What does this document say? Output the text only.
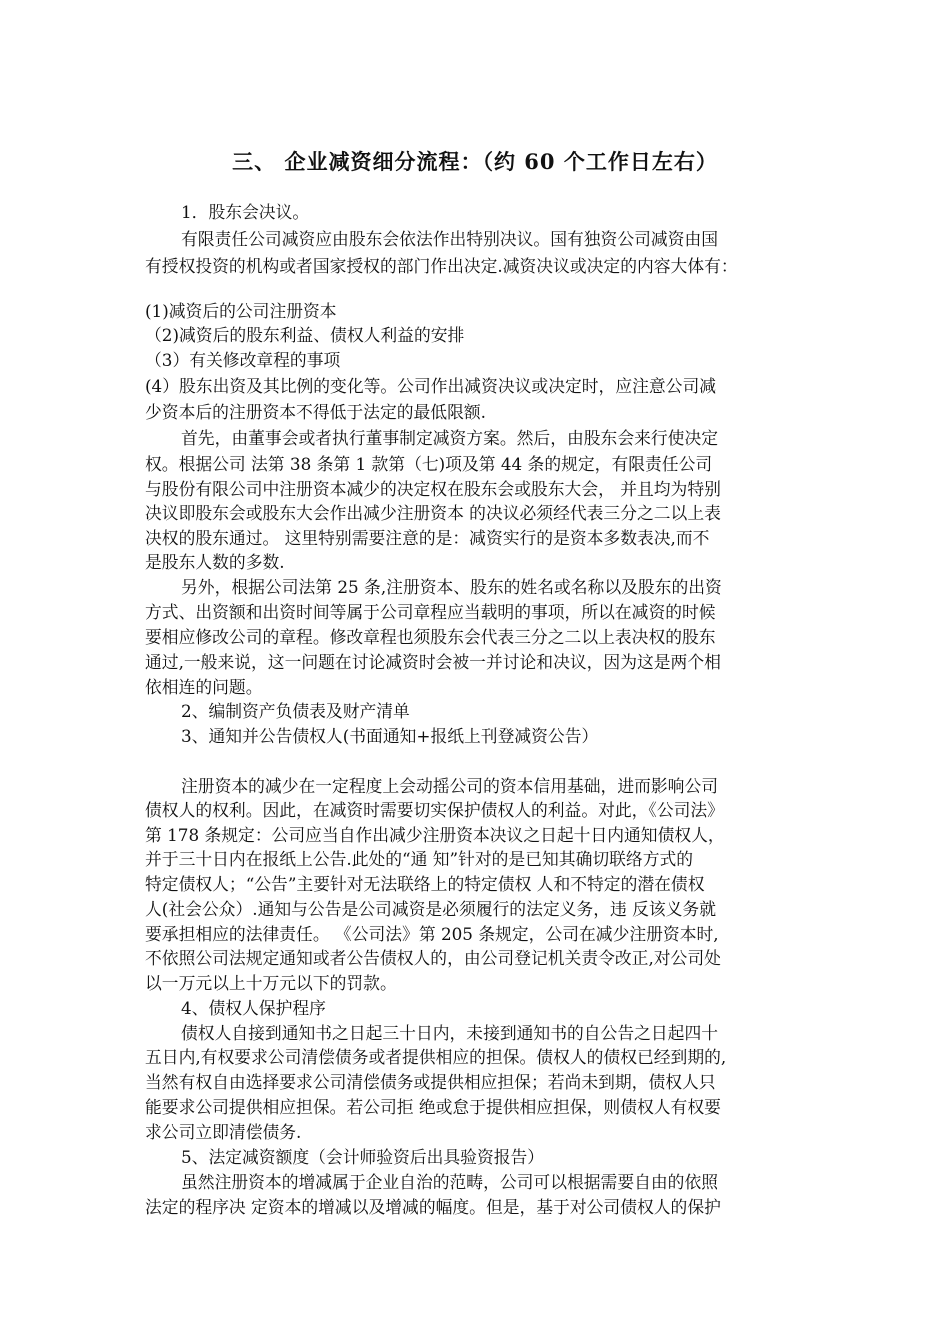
三、 企业减资细分流程：（约 60 个工作日左右）
1．股东会决议。
有限责任公司减资应由股东会依法作出特别决议。国有独资公司减资由国
有授权投资的机构或者国家授权的部门作出决定.减资决议或决定的内容大体有：
(1)减资后的公司注册资本
（2)减资后的股东利益、债权人利益的安排
（3）有关修改章程的事项
(4）股东出资及其比例的变化等。公司作出减资决议或决定时，应注意公司减
少资本后的注册资本不得低于法定的最低限额.
首先，由董事会或者执行董事制定减资方案。然后，由股东会来行使决定
权。根据公司 法第 38 条第 1 款第（七)项及第 44 条的规定，有限责任公司
与股份有限公司中注册资本减少的决定权在股东会或股东大会， 并且均为特别
决议即股东会或股东大会作出减少注册资本 的决议必须经代表三分之二以上表
决权的股东通过。 这里特别需要注意的是：减资实行的是资本多数表决,而不
是股东人数的多数.
另外，根据公司法第 25 条,注册资本、股东的姓名或名称以及股东的出资
方式、出资额和出资时间等属于公司章程应当载明的事项，所以在减资的时候
要相应修改公司的章程。修改章程也须股东会代表三分之二以上表决权的股东
通过,一般来说，这一问题在讨论减资时会被一并讨论和决议，因为这是两个相
依相连的问题。
2、编制资产负债表及财产清单
3、通知并公告债权人(书面通知+报纸上刊登减资公告）
注册资本的减少在一定程度上会动摇公司的资本信用基础，进而影响公司
债权人的权利。因此，在减资时需要切实保护债权人的利益。对此，《公司法》
第 178 条规定：公司应当自作出减少注册资本决议之日起十日内通知债权人，
并于三十日内在报纸上公告.此处的“通 知”针对的是已知其确切联络方式的
特定债权人；“公告”主要针对无法联络上的特定债权 人和不特定的潜在债权
人(社会公众）.通知与公告是公司减资是必须履行的法定义务，违 反该义务就
要承担相应的法律责任。 《公司法》第 205 条规定，公司在减少注册资本时,
不依照公司法规定通知或者公告债权人的，由公司登记机关责令改正,对公司处
以一万元以上十万元以下的罚款。
4、债权人保护程序
债权人自接到通知书之日起三十日内，未接到通知书的自公告之日起四十
五日内,有权要求公司清偿债务或者提供相应的担保。债权人的债权已经到期的,
当然有权自由选择要求公司清偿债务或提供相应担保；若尚未到期，债权人只
能要求公司提供相应担保。若公司拒 绝或怠于提供相应担保，则债权人有权要
求公司立即清偿债务.
5、法定减资额度（会计师验资后出具验资报告）
虽然注册资本的增减属于企业自治的范畴，公司可以根据需要自由的依照
法定的程序决 定资本的增减以及增减的幅度。但是，基于对公司债权人的保护
